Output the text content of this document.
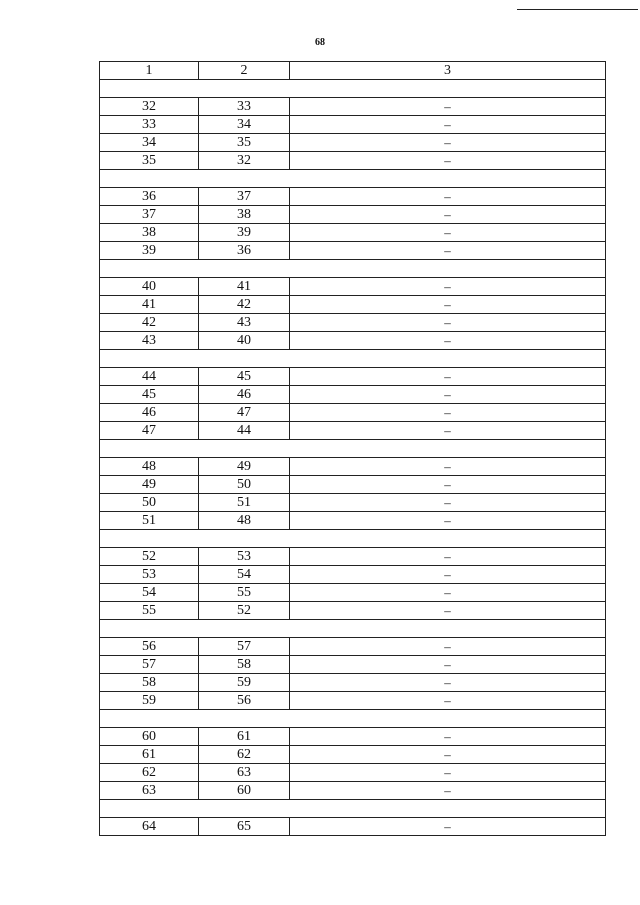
68
1	2	3

32	33	–
33	34	–
34	35	–
35	32	–

36	37	–
37	38	–
38	39	–
39	36	–

40	41	–
41	42	–
42	43	–
43	40	–

44	45	–
45	46	–
46	47	–
47	44	–

48	49	–
49	50	–
50	51	–
51	48	–

52	53	–
53	54	–
54	55	–
55	52	–

56	57	–
57	58	–
58	59	–
59	56	–

60	61	–
61	62	–
62	63	–
63	60	–

64	65	–
